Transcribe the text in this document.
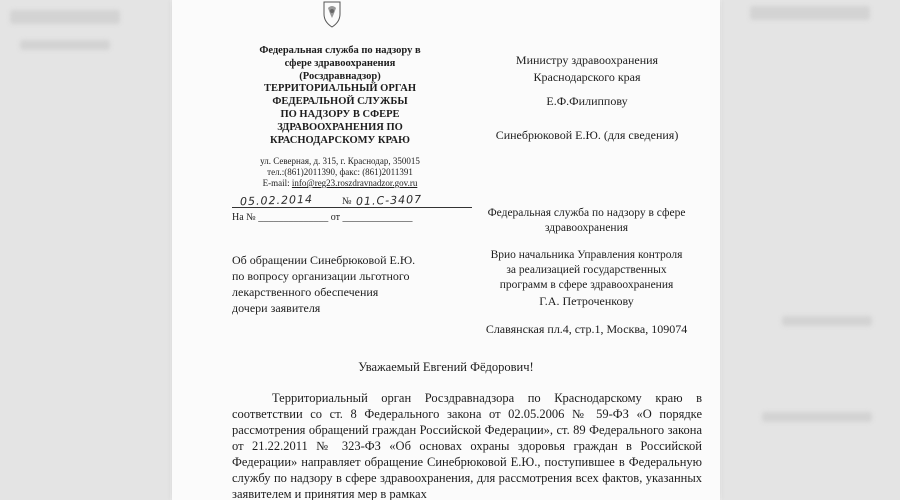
Федеральная служба по надзору в
сфере здравоохранения
(Росздравнадзор)
ТЕРРИТОРИАЛЬНЫЙ ОРГАН
ФЕДЕРАЛЬНОЙ СЛУЖБЫ
ПО НАДЗОРУ В СФЕРЕ
ЗДРАВООХРАНЕНИЯ ПО
КРАСНОДАРСКОМУ КРАЮ
ул. Северная, д. 315, г. Краснодар, 350015
тел.:(861)2011390, факс: (861)2011391
E-mail: info@reg23.roszdravnadzor.gov.ru
05.02.2014	№ 01.С-3407
На № ______________ от ______________
Министру здравоохранения
Краснодарского края
Е.Ф.Филиппову
Синебрюковой Е.Ю. (для сведения)
Федеральная служба по надзору в сфере
здравоохранения
Врио начальника Управления контроля
за реализацией государственных
программ в сфере здравоохранения
Г.А. Петроченкову
Славянская пл.4, стр.1, Москва, 109074
Об обращении Синебрюковой Е.Ю.
по вопросу организации льготного
лекарственного обеспечения
дочери заявителя
Уважаемый Евгений Фёдорович!

Территориальный орган Росздравнадзора по Краснодарскому краю в соответствии со ст. 8 Федерального закона от 02.05.2006 № 59-ФЗ «О порядке рассмотрения обращений граждан Российской Федерации», ст. 89 Федерального закона от 21.22.2011 № 323-ФЗ «Об основах охраны здоровья граждан в Российской Федерации» направляет обращение Синебрюковой Е.Ю., поступившее в Федеральную службу по надзору в сфере здравоохранения, для рассмотрения всех фактов, указанных заявителем и принятия мер в рамках
